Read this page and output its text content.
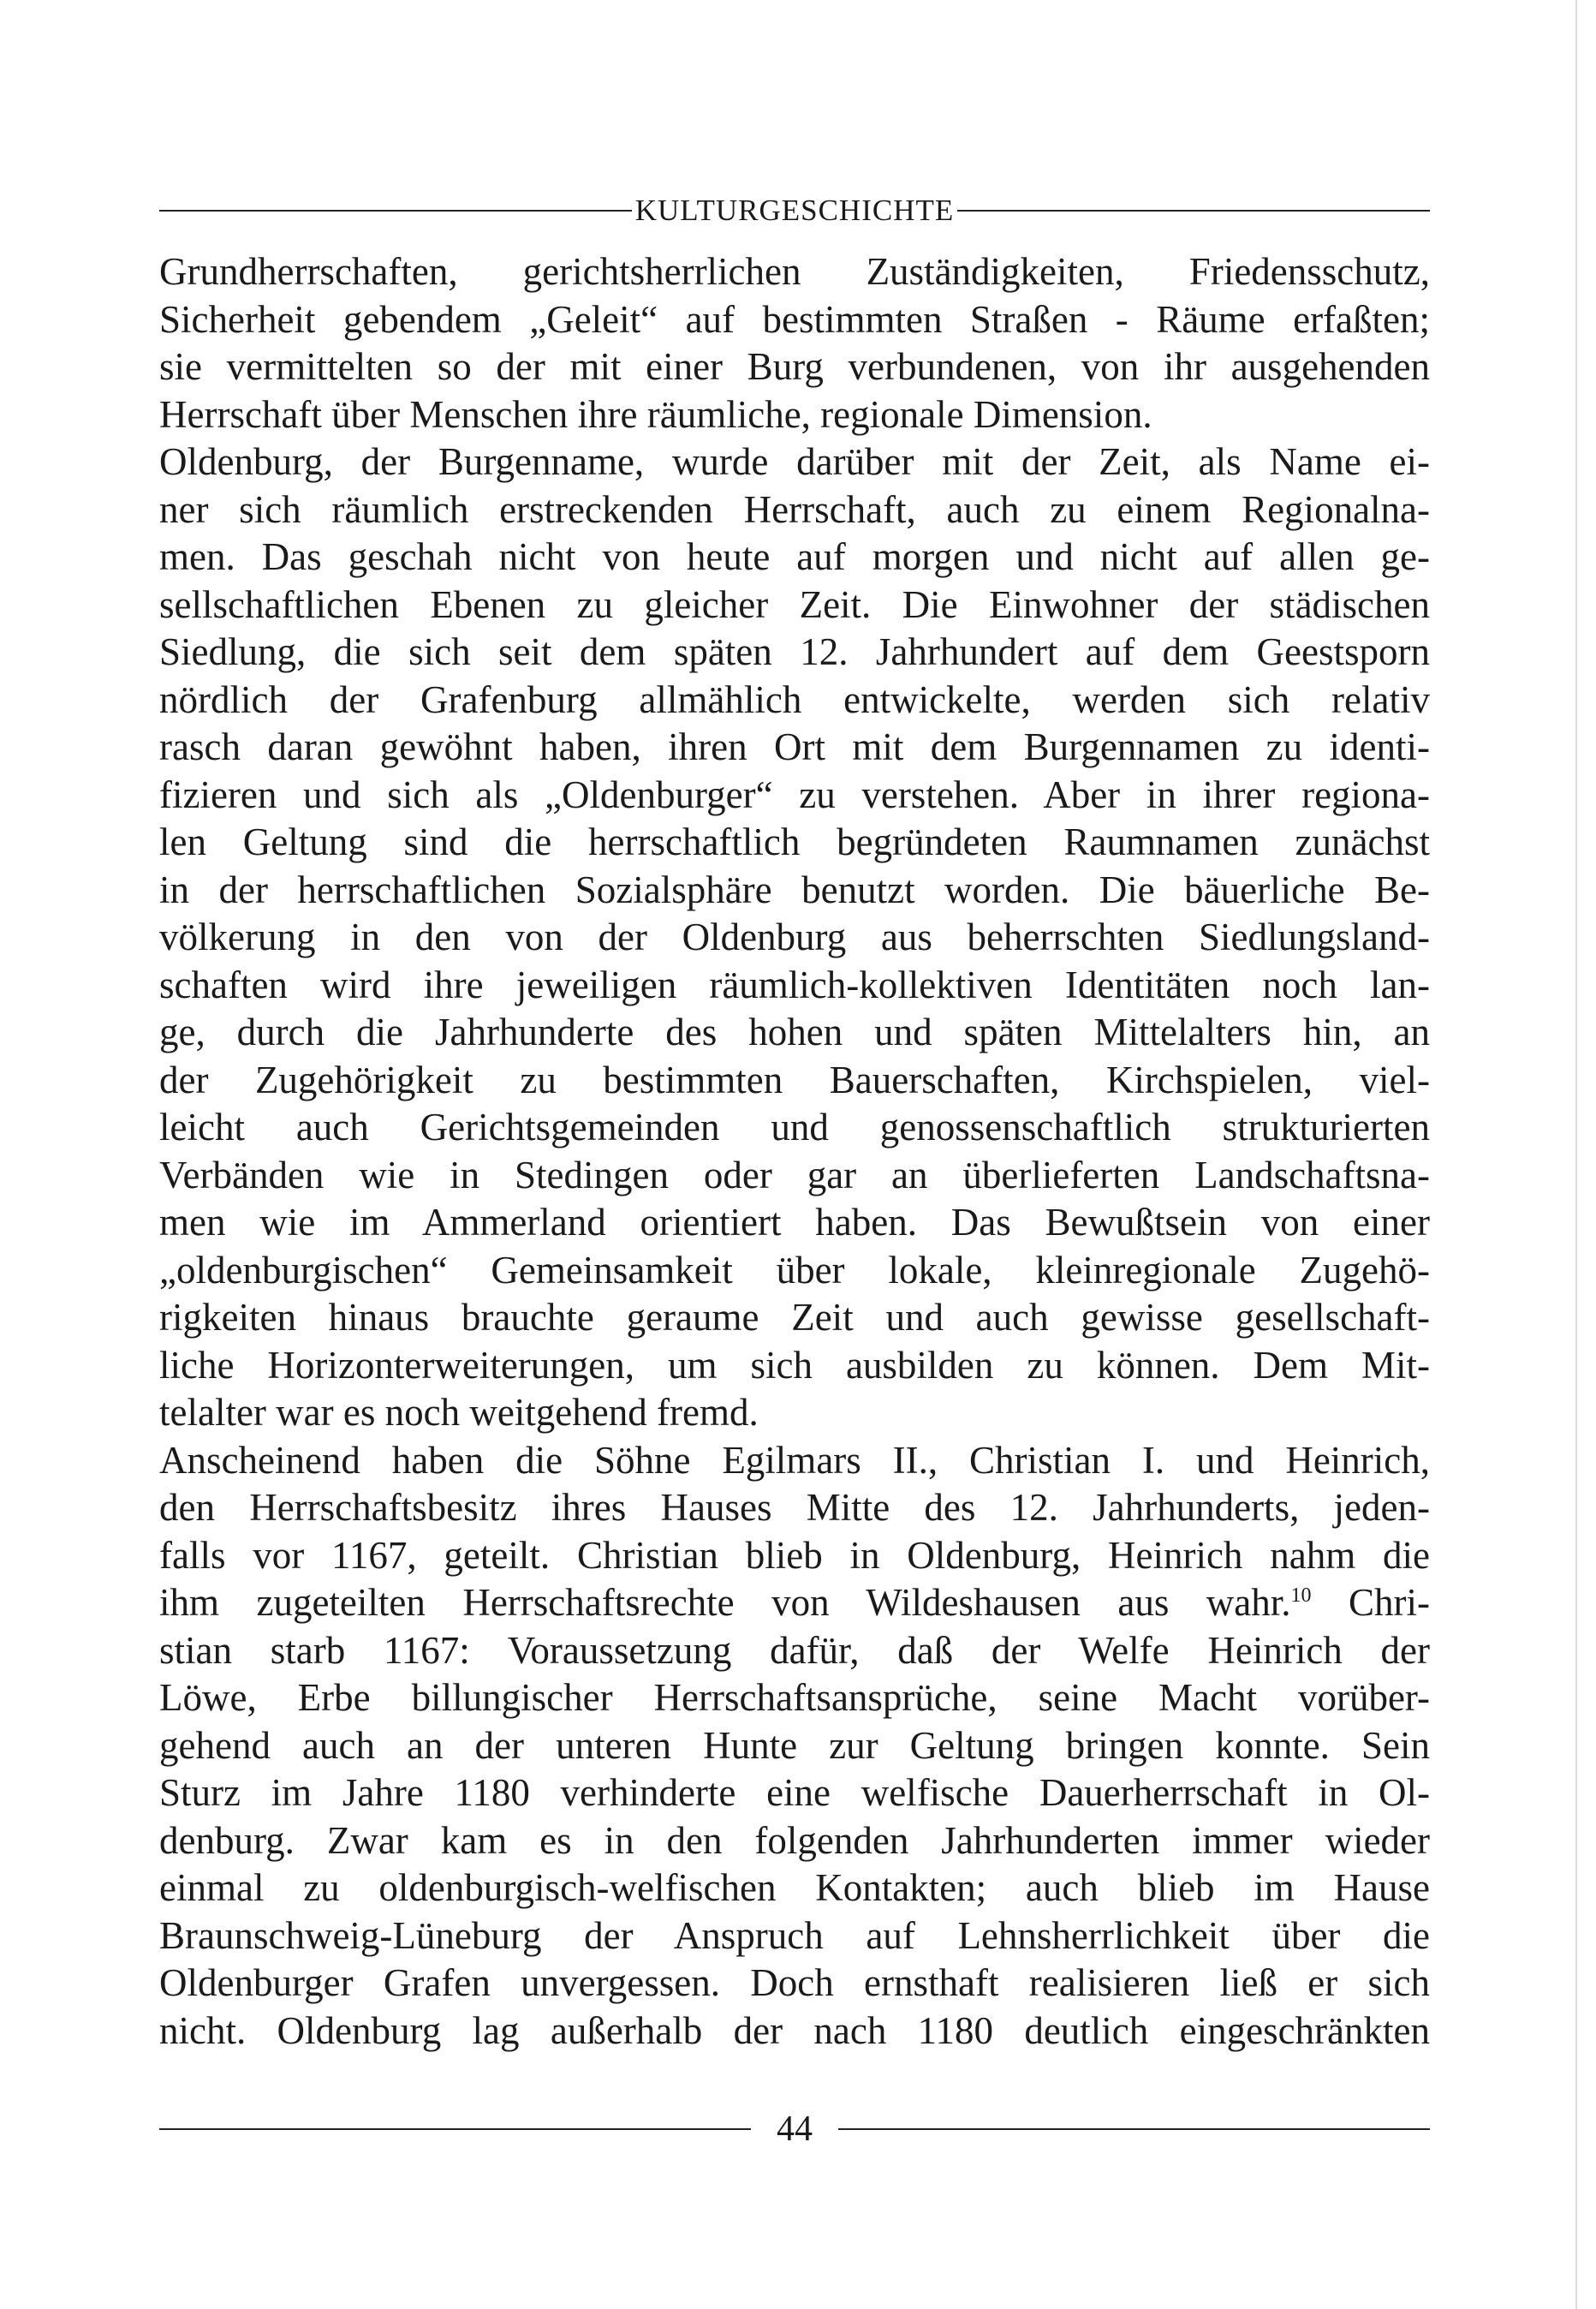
KULTURGESCHICHTE
Grundherrschaften, gerichtsherrlichen Zuständigkeiten, Friedensschutz,
Sicherheit gebendem „Geleit“ auf bestimmten Straßen - Räume erfaßten;
sie vermittelten so der mit einer Burg verbundenen, von ihr ausgehenden
Herrschaft über Menschen ihre räumliche, regionale Dimension.
Oldenburg, der Burgenname, wurde darüber mit der Zeit, als Name ei-
ner sich räumlich erstreckenden Herrschaft, auch zu einem Regionalna-
men. Das geschah nicht von heute auf morgen und nicht auf allen ge-
sellschaftlichen Ebenen zu gleicher Zeit. Die Einwohner der städischen
Siedlung, die sich seit dem späten 12. Jahrhundert auf dem Geestsporn
nördlich der Grafenburg allmählich entwickelte, werden sich relativ
rasch daran gewöhnt haben, ihren Ort mit dem Burgennamen zu identi-
fizieren und sich als „Oldenburger“ zu verstehen. Aber in ihrer regiona-
len Geltung sind die herrschaftlich begründeten Raumnamen zunächst
in der herrschaftlichen Sozialsphäre benutzt worden. Die bäuerliche Be-
völkerung in den von der Oldenburg aus beherrschten Siedlungsland-
schaften wird ihre jeweiligen räumlich-kollektiven Identitäten noch lan-
ge, durch die Jahrhunderte des hohen und späten Mittelalters hin, an
der Zugehörigkeit zu bestimmten Bauerschaften, Kirchspielen, viel-
leicht auch Gerichtsgemeinden und genossenschaftlich strukturierten
Verbänden wie in Stedingen oder gar an überlieferten Landschaftsna-
men wie im Ammerland orientiert haben. Das Bewußtsein von einer
„oldenburgischen“ Gemeinsamkeit über lokale, kleinregionale Zugehö-
rigkeiten hinaus brauchte geraume Zeit und auch gewisse gesellschaft-
liche Horizonterweiterungen, um sich ausbilden zu können. Dem Mit-
telalter war es noch weitgehend fremd.
Anscheinend haben die Söhne Egilmars II., Christian I. und Heinrich,
den Herrschaftsbesitz ihres Hauses Mitte des 12. Jahrhunderts, jeden-
falls vor 1167, geteilt. Christian blieb in Oldenburg, Heinrich nahm die
ihm zugeteilten Herrschaftsrechte von Wildeshausen aus wahr.$^{10}$ Chri-
stian starb 1167: Voraussetzung dafür, daß der Welfe Heinrich der
Löwe, Erbe billungischer Herrschaftsansprüche, seine Macht vorüber-
gehend auch an der unteren Hunte zur Geltung bringen konnte. Sein
Sturz im Jahre 1180 verhinderte eine welfische Dauerherrschaft in Ol-
denburg. Zwar kam es in den folgenden Jahrhunderten immer wieder
einmal zu oldenburgisch-welfischen Kontakten; auch blieb im Hause
Braunschweig-Lüneburg der Anspruch auf Lehnsherrlichkeit über die
Oldenburger Grafen unvergessen. Doch ernsthaft realisieren ließ er sich
nicht. Oldenburg lag außerhalb der nach 1180 deutlich eingeschränkten
44
